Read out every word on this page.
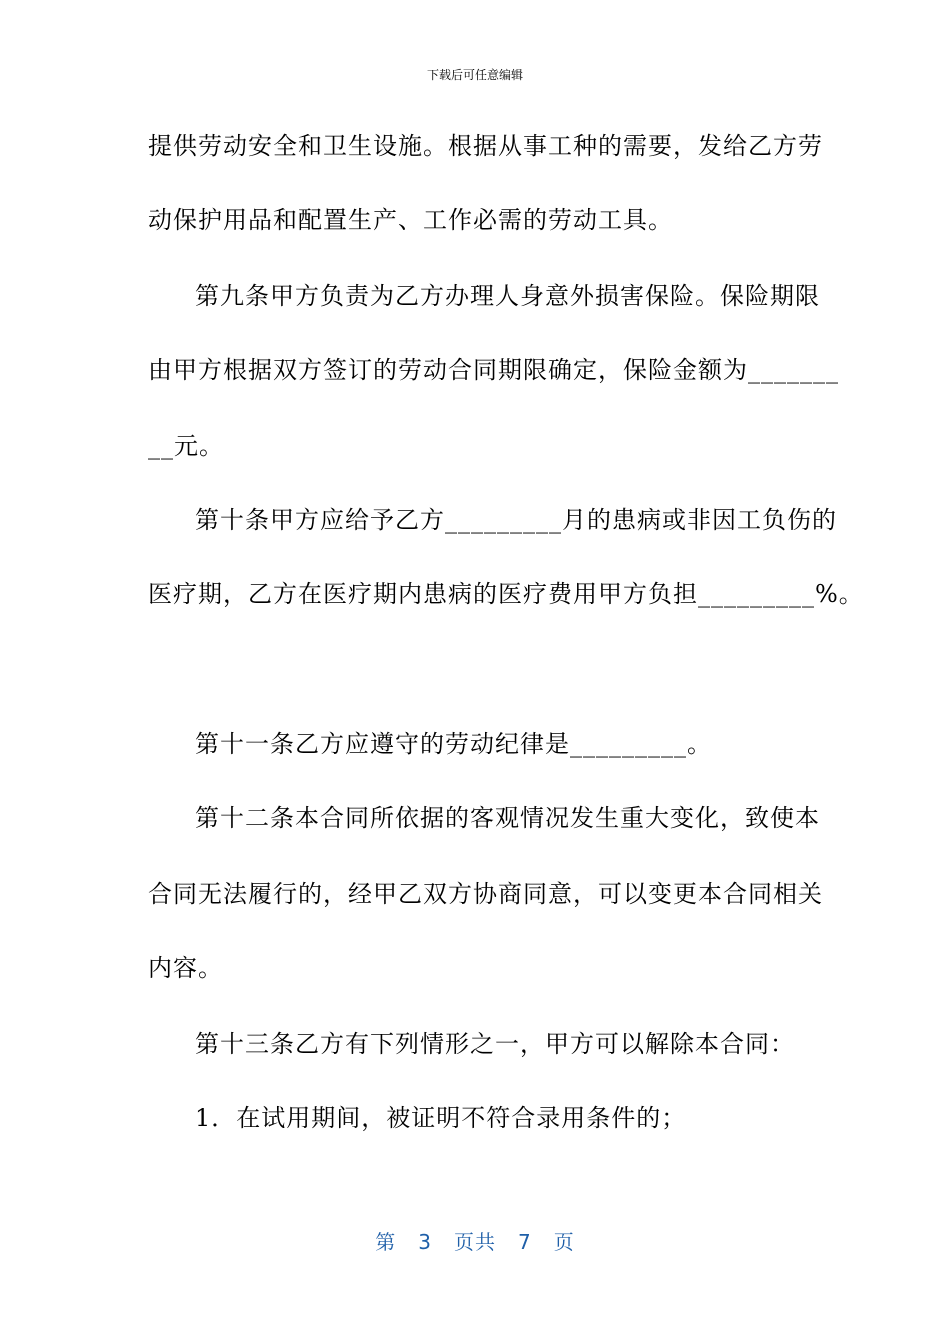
下载后可任意编辑
提供劳动安全和卫生设施。根据从事工种的需要，发给乙方劳
动保护用品和配置生产、工作必需的劳动工具。
第九条甲方负责为乙方办理人身意外损害保险。保险期限
由甲方根据双方签订的劳动合同期限确定，保险金额为_______
__元。
第十条甲方应给予乙方_________月的患病或非因工负伤的
医疗期，乙方在医疗期内患病的医疗费用甲方负担_________%。
第十一条乙方应遵守的劳动纪律是_________。
第十二条本合同所依据的客观情况发生重大变化，致使本
合同无法履行的，经甲乙双方协商同意，可以变更本合同相关
内容。
第十三条乙方有下列情形之一，甲方可以解除本合同：
1．在试用期间，被证明不符合录用条件的；
第 3 页共 7 页
